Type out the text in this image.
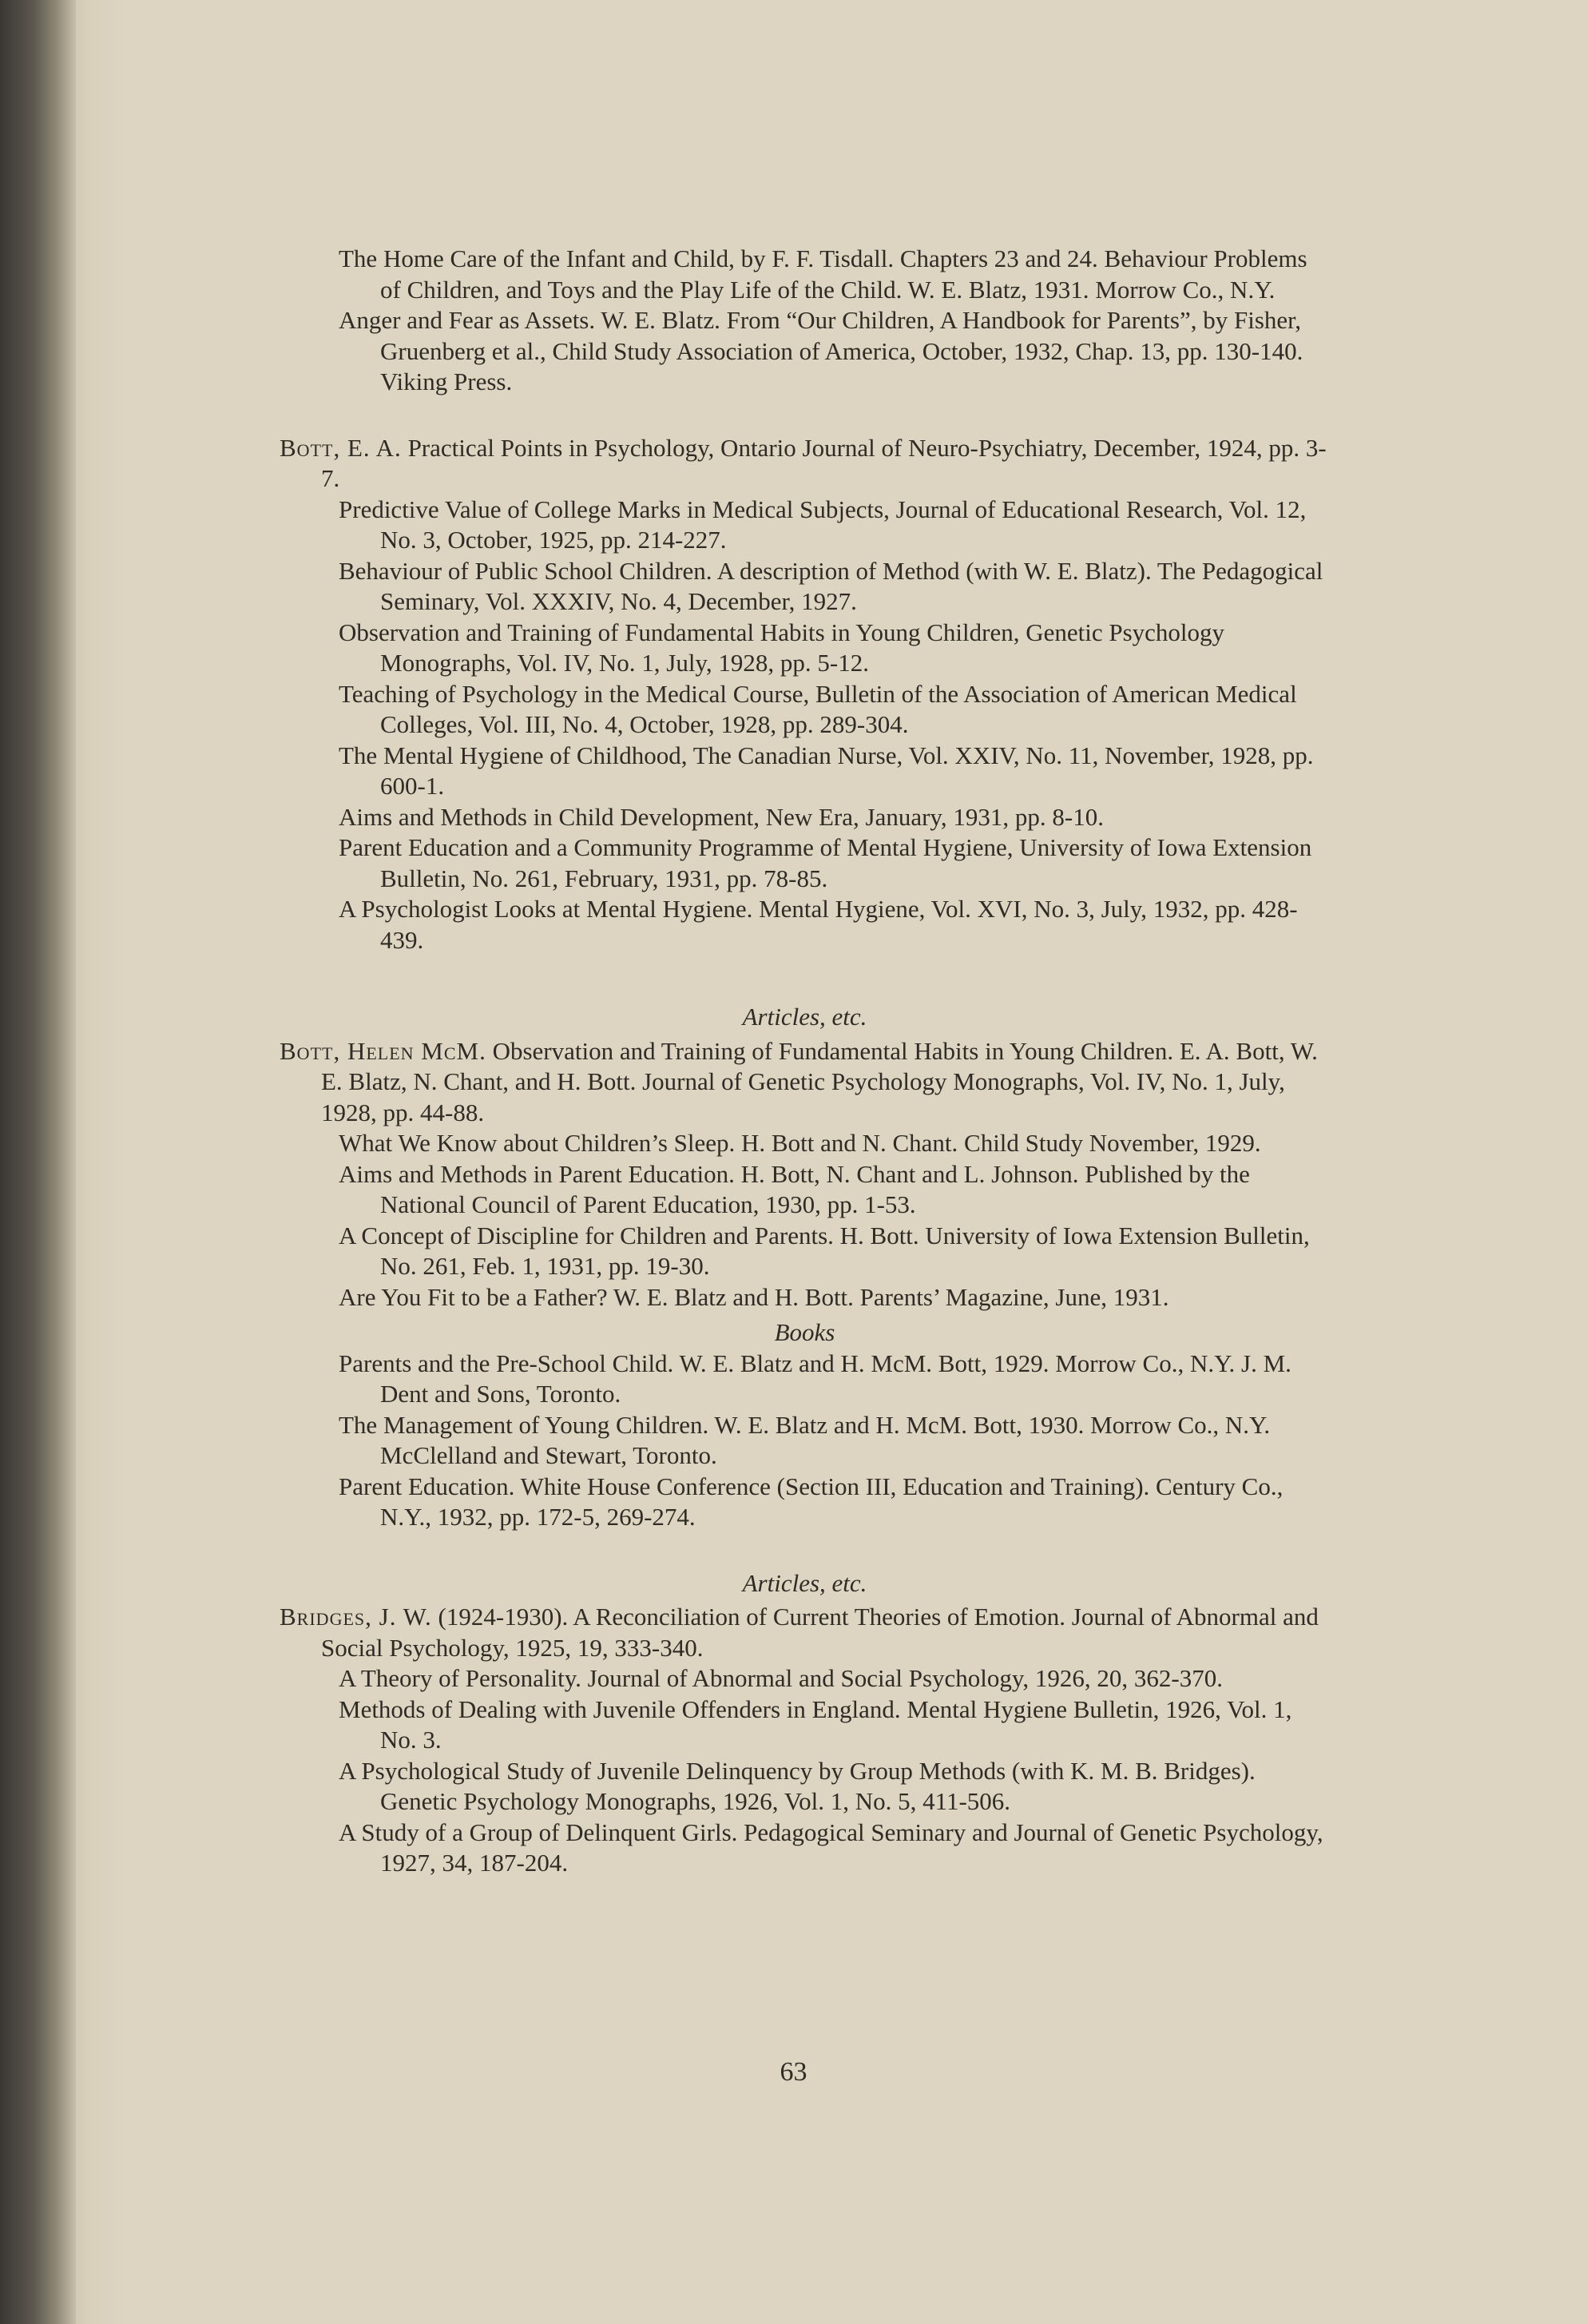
The Home Care of the Infant and Child, by F. F. Tisdall. Chapters 23 and 24. Behaviour Problems of Children, and Toys and the Play Life of the Child. W. E. Blatz, 1931. Morrow Co., N.Y.

Anger and Fear as Assets. W. E. Blatz. From “Our Children, A Handbook for Parents”, by Fisher, Gruenberg et al., Child Study Association of America, October, 1932, Chap. 13, pp. 130-140. Viking Press.

Bott, E. A. Practical Points in Psychology, Ontario Journal of Neuro-Psychiatry, December, 1924, pp. 3-7.

Predictive Value of College Marks in Medical Subjects, Journal of Educational Research, Vol. 12, No. 3, October, 1925, pp. 214-227.

Behaviour of Public School Children. A description of Method (with W. E. Blatz). The Pedagogical Seminary, Vol. XXXIV, No. 4, December, 1927.

Observation and Training of Fundamental Habits in Young Children, Genetic Psychology Monographs, Vol. IV, No. 1, July, 1928, pp. 5-12.

Teaching of Psychology in the Medical Course, Bulletin of the Association of American Medical Colleges, Vol. III, No. 4, October, 1928, pp. 289-304.

The Mental Hygiene of Childhood, The Canadian Nurse, Vol. XXIV, No. 11, November, 1928, pp. 600-1.

Aims and Methods in Child Development, New Era, January, 1931, pp. 8-10.

Parent Education and a Community Programme of Mental Hygiene, University of Iowa Extension Bulletin, No. 261, February, 1931, pp. 78-85.

A Psychologist Looks at Mental Hygiene. Mental Hygiene, Vol. XVI, No. 3, July, 1932, pp. 428-439.

Articles, etc.

Bott, Helen McM. Observation and Training of Fundamental Habits in Young Children. E. A. Bott, W. E. Blatz, N. Chant, and H. Bott. Journal of Genetic Psychology Monographs, Vol. IV, No. 1, July, 1928, pp. 44-88.

What We Know about Children’s Sleep. H. Bott and N. Chant. Child Study November, 1929.

Aims and Methods in Parent Education. H. Bott, N. Chant and L. Johnson. Published by the National Council of Parent Education, 1930, pp. 1-53.

A Concept of Discipline for Children and Parents. H. Bott. University of Iowa Extension Bulletin, No. 261, Feb. 1, 1931, pp. 19-30.

Are You Fit to be a Father? W. E. Blatz and H. Bott. Parents’ Magazine, June, 1931.

Books

Parents and the Pre-School Child. W. E. Blatz and H. McM. Bott, 1929. Morrow Co., N.Y. J. M. Dent and Sons, Toronto.

The Management of Young Children. W. E. Blatz and H. McM. Bott, 1930. Morrow Co., N.Y. McClelland and Stewart, Toronto.

Parent Education. White House Conference (Section III, Education and Training). Century Co., N.Y., 1932, pp. 172-5, 269-274.

Articles, etc.

Bridges, J. W. (1924-1930). A Reconciliation of Current Theories of Emotion. Journal of Abnormal and Social Psychology, 1925, 19, 333-340.

A Theory of Personality. Journal of Abnormal and Social Psychology, 1926, 20, 362-370.

Methods of Dealing with Juvenile Offenders in England. Mental Hygiene Bulletin, 1926, Vol. 1, No. 3.

A Psychological Study of Juvenile Delinquency by Group Methods (with K. M. B. Bridges). Genetic Psychology Monographs, 1926, Vol. 1, No. 5, 411-506.

A Study of a Group of Delinquent Girls. Pedagogical Seminary and Journal of Genetic Psychology, 1927, 34, 187-204.

63
